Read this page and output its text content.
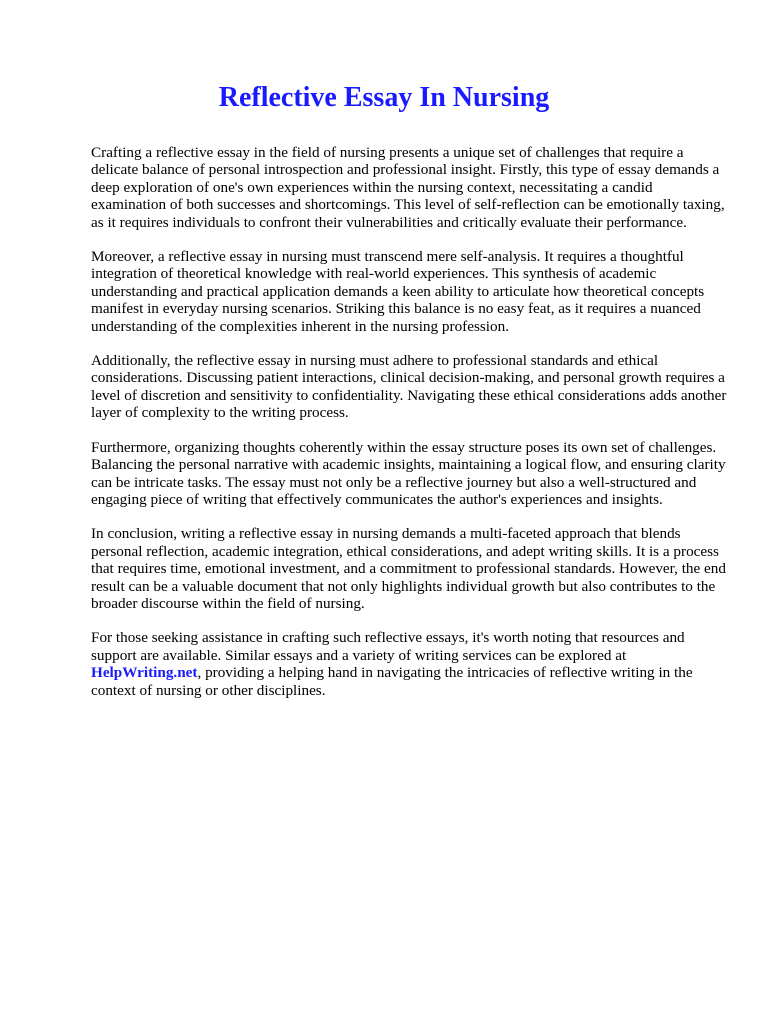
Reflective Essay In Nursing

Crafting a reflective essay in the field of nursing presents a unique set of challenges that require a delicate balance of personal introspection and professional insight. Firstly, this type of essay demands a deep exploration of one's own experiences within the nursing context, necessitating a candid examination of both successes and shortcomings. This level of self-reflection can be emotionally taxing, as it requires individuals to confront their vulnerabilities and critically evaluate their performance.

Moreover, a reflective essay in nursing must transcend mere self-analysis. It requires a thoughtful integration of theoretical knowledge with real-world experiences. This synthesis of academic understanding and practical application demands a keen ability to articulate how theoretical concepts manifest in everyday nursing scenarios. Striking this balance is no easy feat, as it requires a nuanced understanding of the complexities inherent in the nursing profession.

Additionally, the reflective essay in nursing must adhere to professional standards and ethical considerations. Discussing patient interactions, clinical decision-making, and personal growth requires a level of discretion and sensitivity to confidentiality. Navigating these ethical considerations adds another layer of complexity to the writing process.

Furthermore, organizing thoughts coherently within the essay structure poses its own set of challenges. Balancing the personal narrative with academic insights, maintaining a logical flow, and ensuring clarity can be intricate tasks. The essay must not only be a reflective journey but also a well-structured and engaging piece of writing that effectively communicates the author's experiences and insights.

In conclusion, writing a reflective essay in nursing demands a multi-faceted approach that blends personal reflection, academic integration, ethical considerations, and adept writing skills. It is a process that requires time, emotional investment, and a commitment to professional standards. However, the end result can be a valuable document that not only highlights individual growth but also contributes to the broader discourse within the field of nursing.

For those seeking assistance in crafting such reflective essays, it's worth noting that resources and support are available. Similar essays and a variety of writing services can be explored at HelpWriting.net, providing a helping hand in navigating the intricacies of reflective writing in the context of nursing or other disciplines.
